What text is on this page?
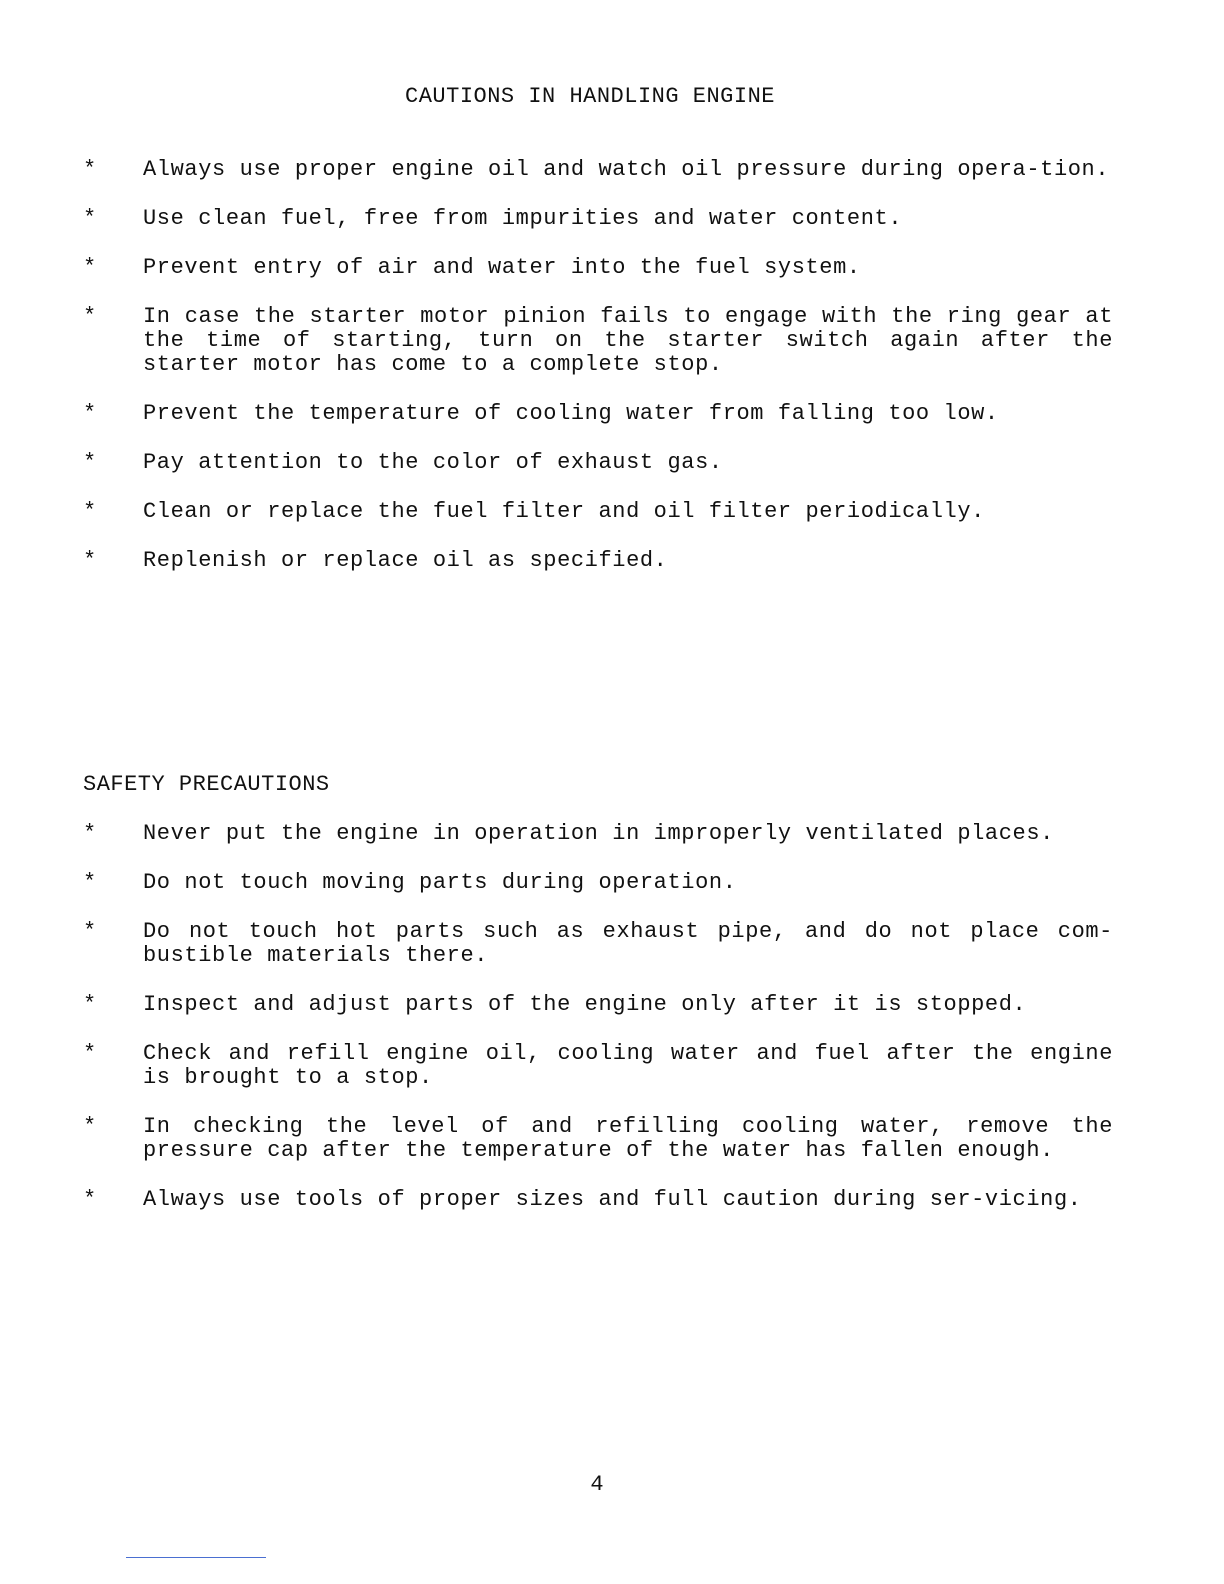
CAUTIONS IN HANDLING ENGINE
* Always use proper engine oil and watch oil pressure during opera-tion.
* Use clean fuel, free from impurities and water content.
* Prevent entry of air and water into the fuel system.
* In case the starter motor pinion fails to engage with the ring gear at the time of starting, turn on the starter switch again after the starter motor has come to a complete stop.
* Prevent the temperature of cooling water from falling too low.
* Pay attention to the color of exhaust gas.
* Clean or replace the fuel filter and oil filter periodically.
* Replenish or replace oil as specified.
SAFETY PRECAUTIONS
* Never put the engine in operation in improperly ventilated places.
* Do not touch moving parts during operation.
* Do not touch hot parts such as exhaust pipe, and do not place com-bustible materials there.
* Inspect and adjust parts of the engine only after it is stopped.
* Check and refill engine oil, cooling water and fuel after the engine is brought to a stop.
* In checking the level of and refilling cooling water, remove the pressure cap after the temperature of the water has fallen enough.
* Always use tools of proper sizes and full caution during ser-vicing.
4
